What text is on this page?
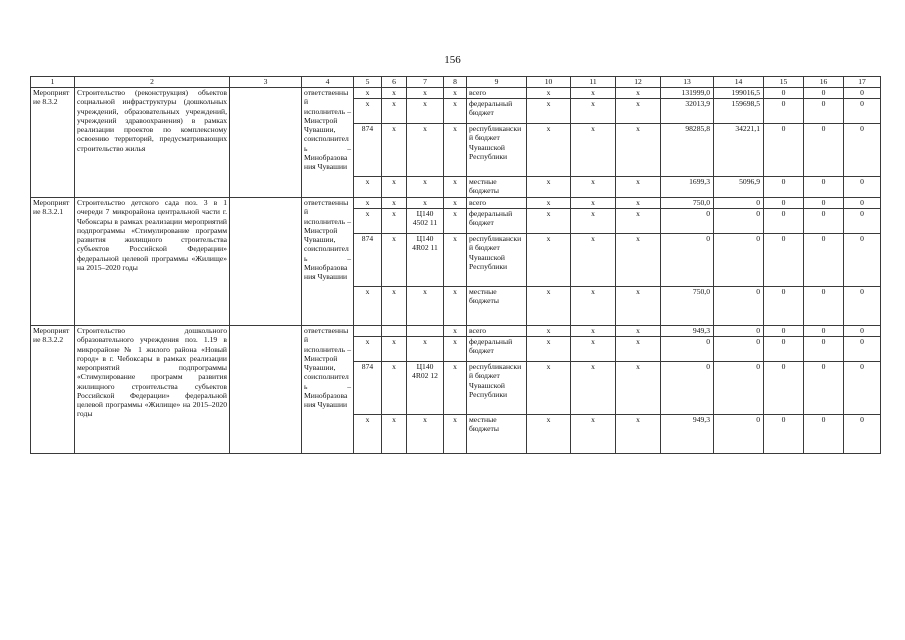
156
1	2	3	4	5	6	7	8	9	10	11	12	13	14	15	16	17
Мероприятие 8.3.2	Строительство (реконструкция) объектов социальной инфраструктуры (дошкольных учреждений, образовательных учреждений, учреждений здравоохранения) в рамках реализации проектов по комплексному освоению территорий, предусматривающих строительство жилья		ответственный исполнитель – Минстрой Чувашии, соисполнитель – Минобразования Чувашии	x	x	x	x	всего	x	x	x	131999,0	199016,5	0	0	0
				x	x	x	x	федеральный бюджет	x	x	x	32013,9	159698,5	0	0	0
				874	x	x	x	республиканский бюджет Чувашской Республики	x	x	x	98285,8	34221,1	0	0	0
				x	x	x	x	местные бюджеты	x	x	x	1699,3	5096,9	0	0	0
Мероприятие 8.3.2.1	Строительство детского сада поз. 3 в 1 очереди 7 микрорайона центральной части г. Чебоксары в рамках реализации мероприятий подпрограммы «Стимулирование программ развития жилищного строительства субъектов Российской Федерации» федеральной целевой программы «Жилище» на 2015–2020 годы		ответственный исполнитель – Минстрой Чувашии, соисполнитель – Минобразования Чувашии	x	x	x	x	всего	x	x	x	750,0	0	0	0	0
				x	x	Ц140 4502 11	x	федеральный бюджет	x	x	x	0	0	0	0	0
				874	x	Ц140 4R02 11	x	республиканский бюджет Чувашской Республики	x	x	x	0	0	0	0	0
				x	x	x	x	местные бюджеты	x	x	x	750,0	0	0	0	0
Мероприятие 8.3.2.2	Строительство дошкольного образовательного учреждения поз. 1.19 в микрорайоне № 1 жилого района «Новый город» в г. Чебоксары в рамках реализации мероприятий подпрограммы «Стимулирование программ развития жилищного строительства субъектов Российской Федерации» федеральной целевой программы «Жилище» на 2015–2020 годы		ответственный исполнитель – Минстрой Чувашии, соисполнитель – Минобразования Чувашии				x	всего	x	x	x	949,3	0	0	0	0
				x	x	x	x	федеральный бюджет	x	x	x	0	0	0	0	0
				874	x	Ц140 4R02 12	x	республиканский бюджет Чувашской Республики	x	x	x	0	0	0	0	0
				x	x	x	x	местные бюджеты	x	x	x	949,3	0	0	0	0
